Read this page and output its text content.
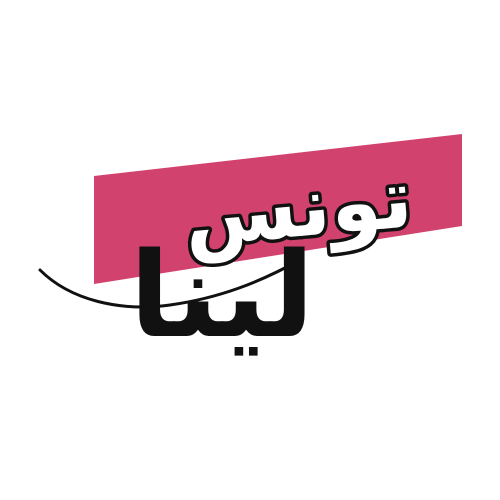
تونس
لينا
